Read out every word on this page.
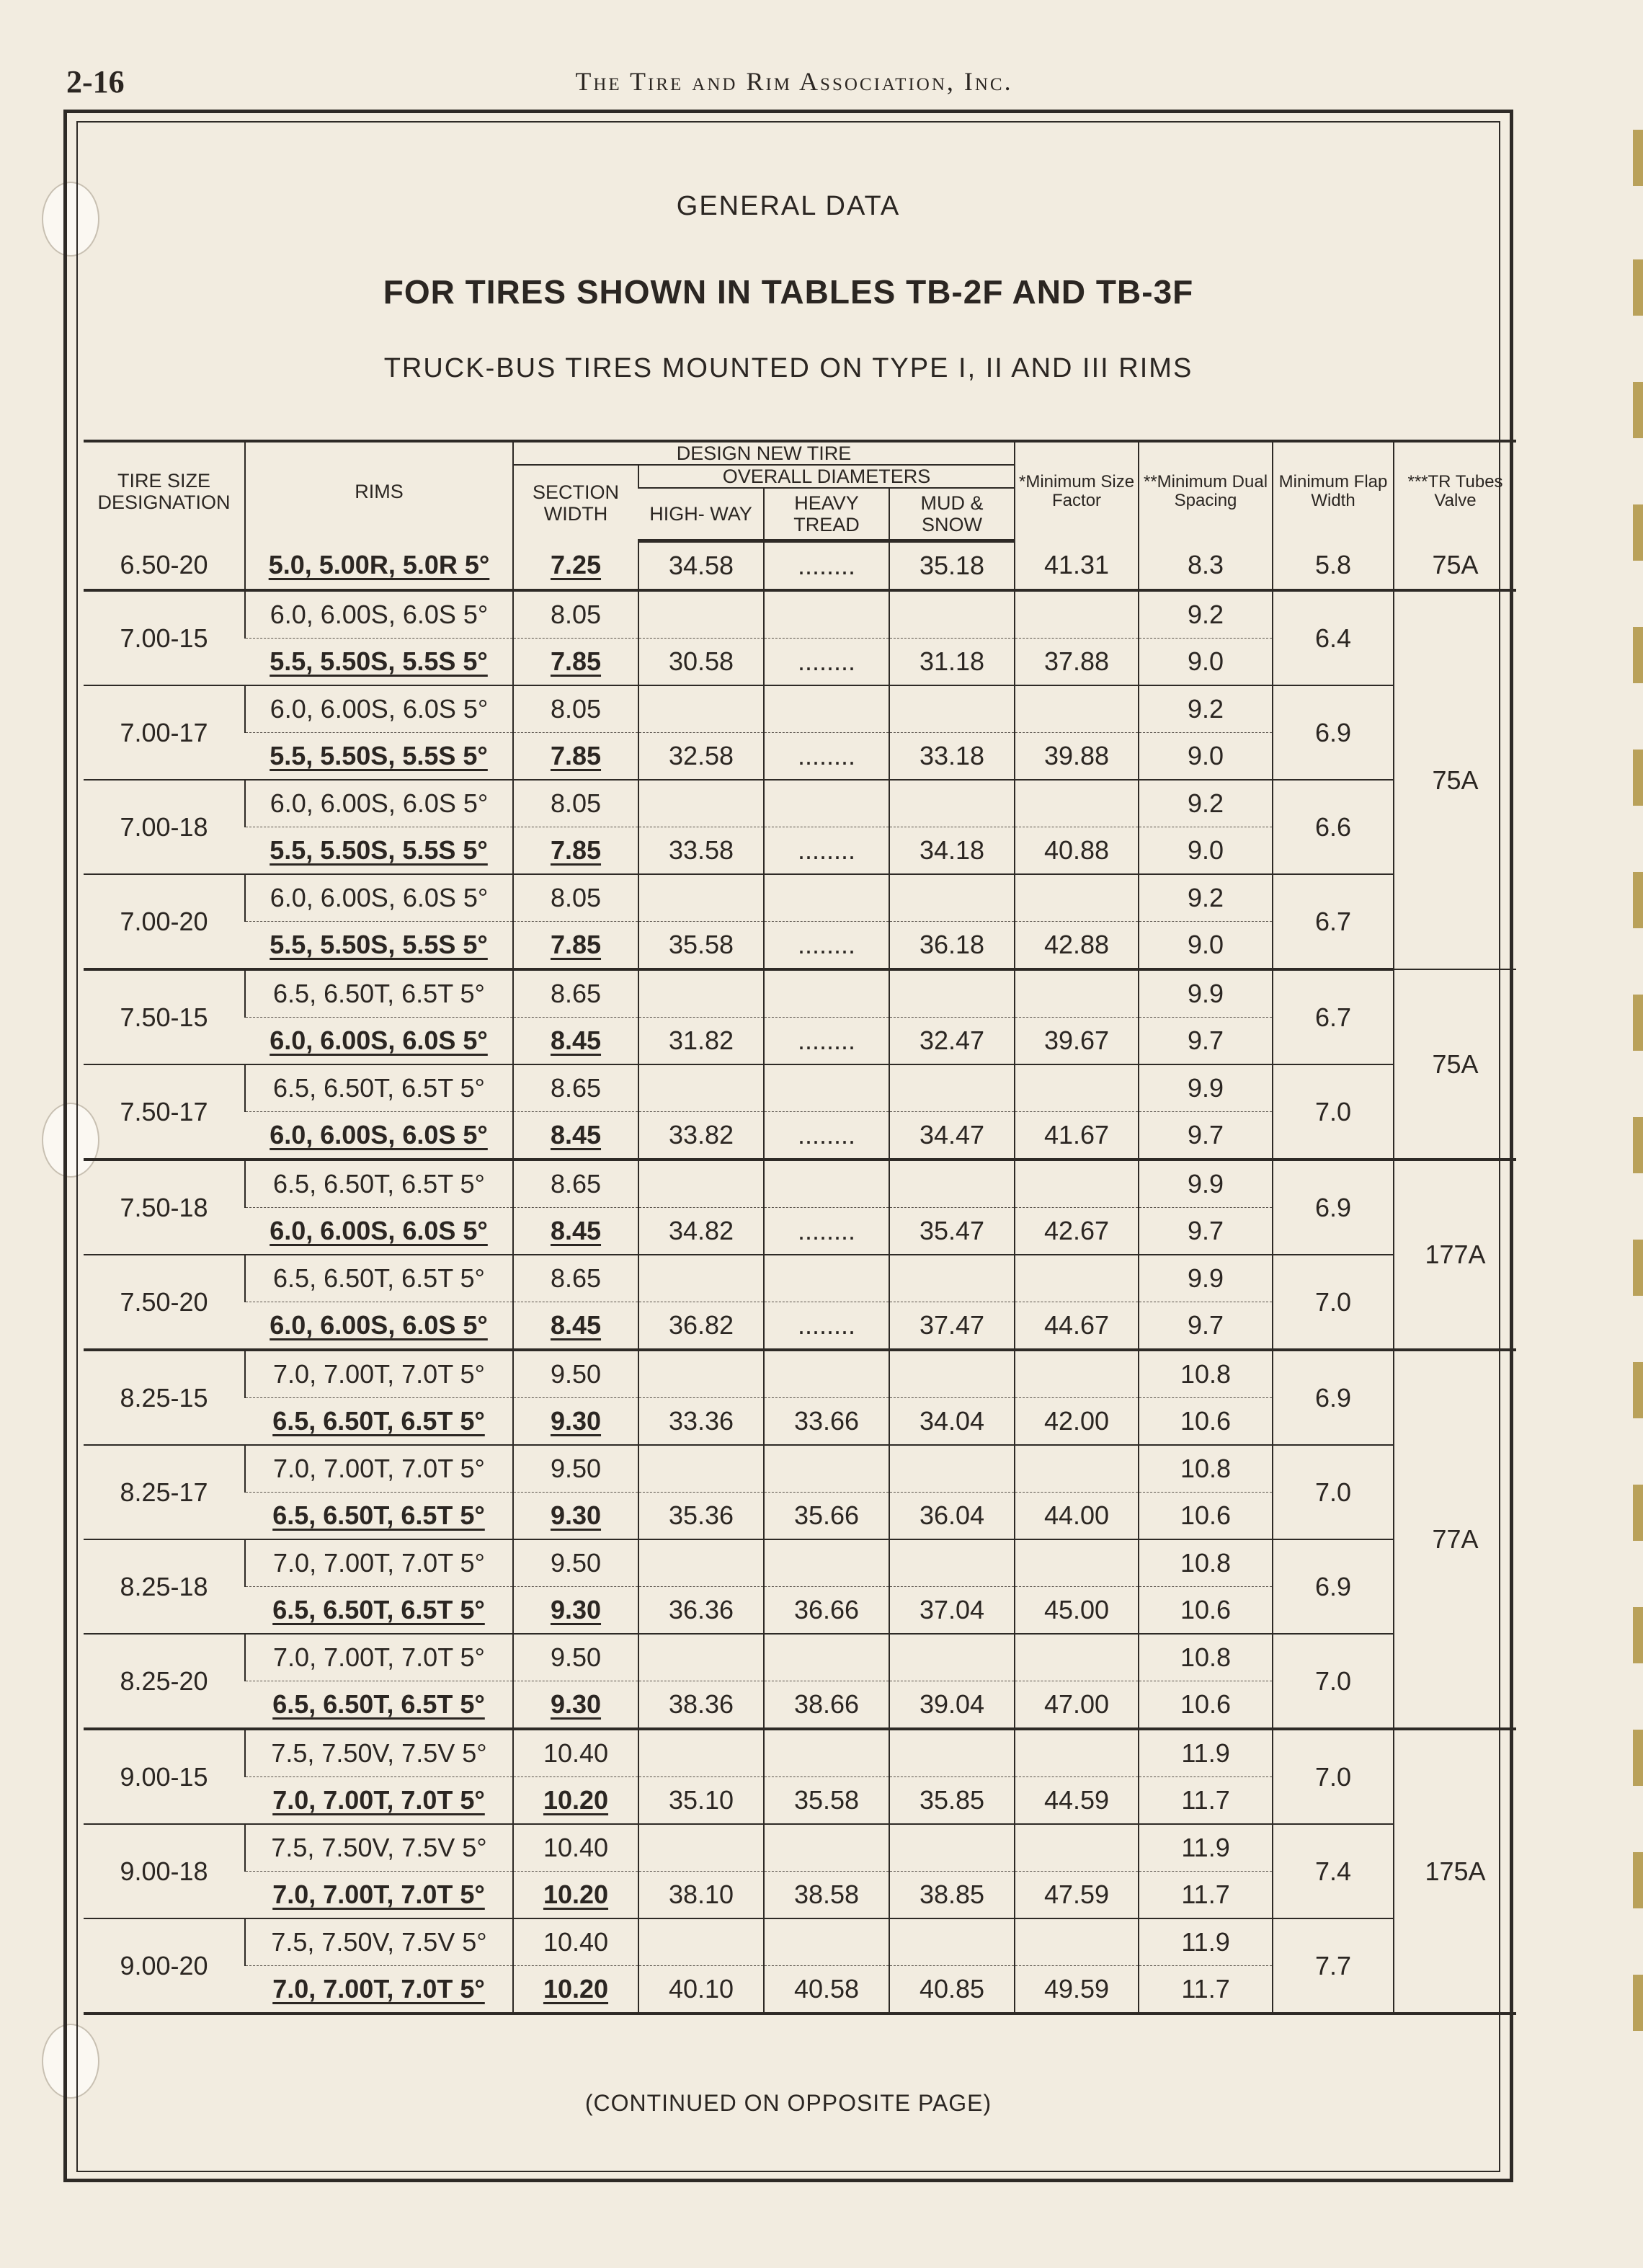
2-16	The Tire and Rim Association, Inc.
GENERAL DATA
FOR TIRES SHOWN IN TABLES TB-2F AND TB-3F
TRUCK-BUS TIRES MOUNTED ON TYPE I, II AND III RIMS
TIRE SIZE DESIGNATION	RIMS	DESIGN NEW TIRE				*Minimum Size Factor	**Minimum Dual Spacing	Minimum Flap Width	***TR Tubes Valve
		SECTION WIDTH	OVERALL DIAMETERS						
			HIGH- WAY	HEAVY TREAD	MUD & SNOW				
6.50-20	5.0, 5.00R, 5.0R 5°	7.25	34.58	........	35.18	41.31	8.3	5.8	75A
7.00-15	6.0, 6.00S, 6.0S 5°	8.05					9.2	6.4	75A
	5.5, 5.50S, 5.5S 5°	7.85	30.58	........	31.18	37.88	9.0		
7.00-17	6.0, 6.00S, 6.0S 5°	8.05					9.2	6.9	
	5.5, 5.50S, 5.5S 5°	7.85	32.58	........	33.18	39.88	9.0		
7.00-18	6.0, 6.00S, 6.0S 5°	8.05					9.2	6.6	
	5.5, 5.50S, 5.5S 5°	7.85	33.58	........	34.18	40.88	9.0		
7.00-20	6.0, 6.00S, 6.0S 5°	8.05					9.2	6.7	
	5.5, 5.50S, 5.5S 5°	7.85	35.58	........	36.18	42.88	9.0		
7.50-15	6.5, 6.50T, 6.5T 5°	8.65					9.9	6.7	75A
	6.0, 6.00S, 6.0S 5°	8.45	31.82	........	32.47	39.67	9.7		
7.50-17	6.5, 6.50T, 6.5T 5°	8.65					9.9	7.0	
	6.0, 6.00S, 6.0S 5°	8.45	33.82	........	34.47	41.67	9.7		
7.50-18	6.5, 6.50T, 6.5T 5°	8.65					9.9	6.9	177A
	6.0, 6.00S, 6.0S 5°	8.45	34.82	........	35.47	42.67	9.7		
7.50-20	6.5, 6.50T, 6.5T 5°	8.65					9.9	7.0	
	6.0, 6.00S, 6.0S 5°	8.45	36.82	........	37.47	44.67	9.7		
8.25-15	7.0, 7.00T, 7.0T 5°	9.50					10.8	6.9	77A
	6.5, 6.50T, 6.5T 5°	9.30	33.36	33.66	34.04	42.00	10.6		
8.25-17	7.0, 7.00T, 7.0T 5°	9.50					10.8	7.0	
	6.5, 6.50T, 6.5T 5°	9.30	35.36	35.66	36.04	44.00	10.6		
8.25-18	7.0, 7.00T, 7.0T 5°	9.50					10.8	6.9	
	6.5, 6.50T, 6.5T 5°	9.30	36.36	36.66	37.04	45.00	10.6		
8.25-20	7.0, 7.00T, 7.0T 5°	9.50					10.8	7.0	
	6.5, 6.50T, 6.5T 5°	9.30	38.36	38.66	39.04	47.00	10.6		
9.00-15	7.5, 7.50V, 7.5V 5°	10.40					11.9	7.0	175A
	7.0, 7.00T, 7.0T 5°	10.20	35.10	35.58	35.85	44.59	11.7		
9.00-18	7.5, 7.50V, 7.5V 5°	10.40					11.9	7.4	
	7.0, 7.00T, 7.0T 5°	10.20	38.10	38.58	38.85	47.59	11.7		
9.00-20	7.5, 7.50V, 7.5V 5°	10.40					11.9	7.7	
	7.0, 7.00T, 7.0T 5°	10.20	40.10	40.58	40.85	49.59	11.7		
(CONTINUED ON OPPOSITE PAGE)
